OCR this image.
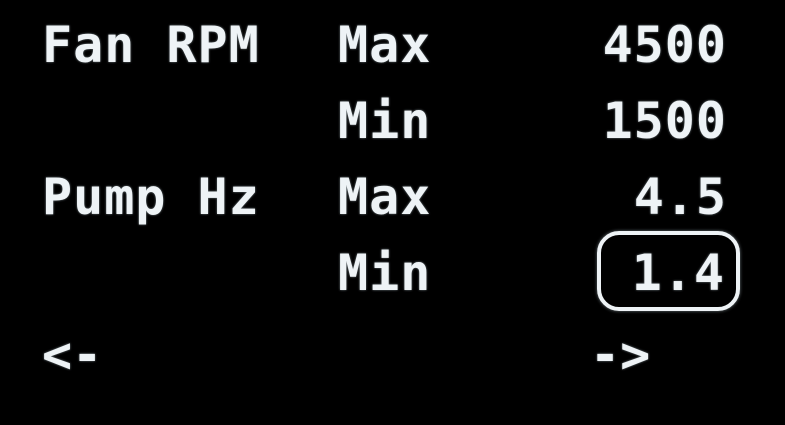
Fan RPM Max	4500
Min	1500
Pump Hz Max	4.5
Min	1.4
<-	->
